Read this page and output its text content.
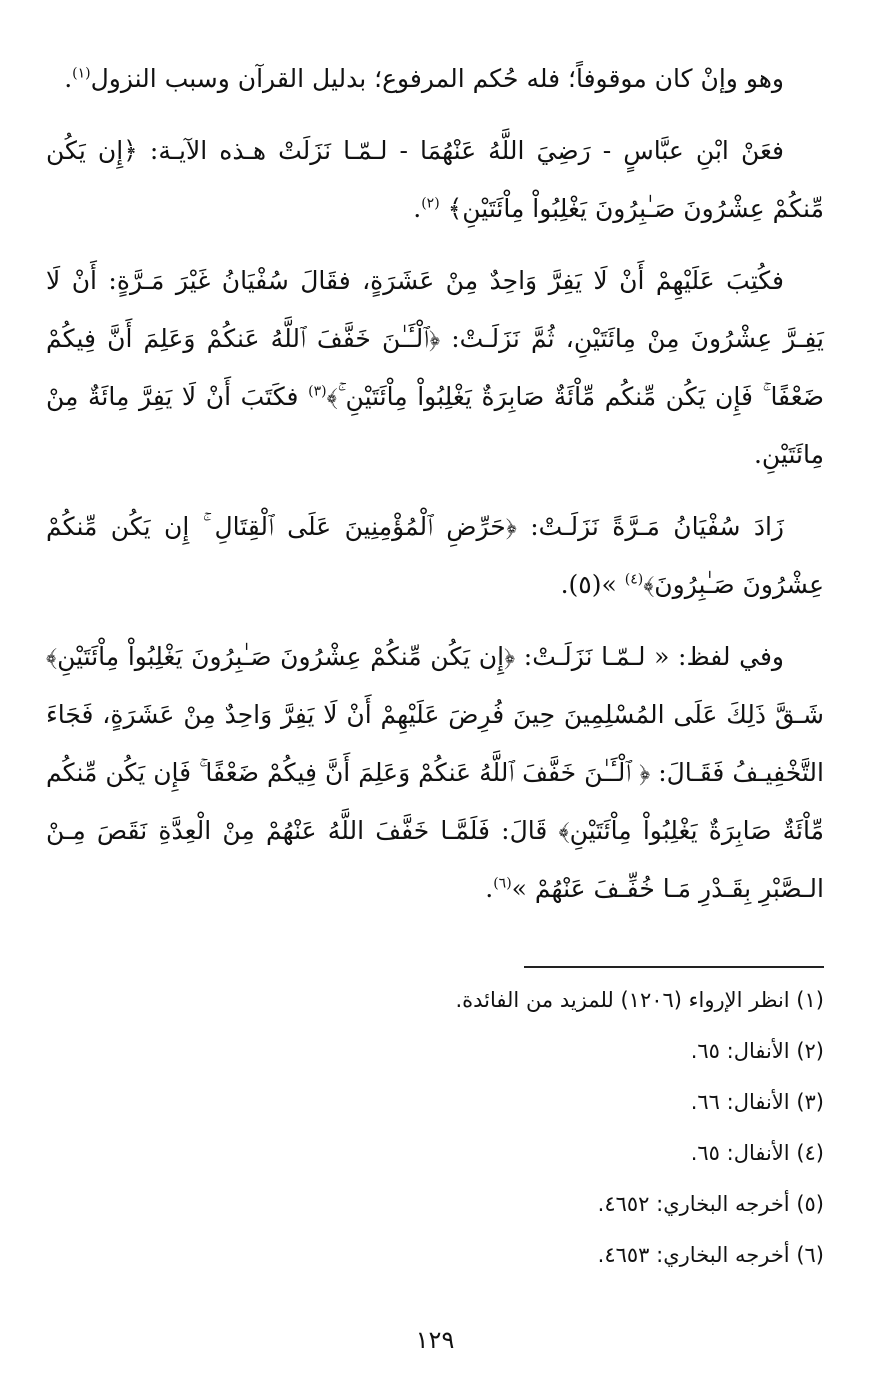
وهو وإنْ كان موقوفاً؛ فله حُكم المرفوع؛ بدليل القرآن وسبب النزول$^{(١)}$.

فعَنْ ابْنِ عبَّاسٍ - رَضِيَ اللَّهُ عَنْهُمَا - لـمّـا نَزَلَتْ هـذه الآيـة: ﴿إِن يَكُن مِّنكُمْ عِشْرُونَ صَـٰبِرُونَ يَغْلِبُواْ مِاْئَتَيْنِ﴾ $^{(٢)}$.

فكُتِبَ عَلَيْهِمْ أَنْ لَا يَفِرَّ وَاحِدٌ مِنْ عَشَرَةٍ، فقَالَ سُفْيَانُ غَيْرَ مَـرَّةٍ: أَنْ لَا يَفِـرَّ عِشْرُونَ مِنْ مِائَتَيْنِ، ثُمَّ نَزَلَـتْ: ﴿ٱلْـَٔـٰنَ خَفَّفَ ٱللَّهُ عَنكُمْ وَعَلِمَ أَنَّ فِيكُمْ ضَعْفًا ۚ فَإِن يَكُن مِّنكُم مِّاْئَةٌ صَابِرَةٌ يَغْلِبُواْ مِاْئَتَيْنِ ۚ﴾$^{(٣)}$ فكَتَبَ أَنْ لَا يَفِرَّ مِائَةٌ مِنْ مِائَتَيْنِ.

زَادَ سُفْيَانُ مَـرَّةً نَزَلَـتْ: ﴿حَرِّضِ ٱلْمُؤْمِنِينَ عَلَى ٱلْقِتَالِ ۚ إِن يَكُن مِّنكُمْ عِشْرُونَ صَـٰبِرُونَ﴾$^{(٤)}$ »(٥).

وفي لفظ: « لـمّـا نَزَلَـتْ: ﴿إِن يَكُن مِّنكُمْ عِشْرُونَ صَـٰبِرُونَ يَغْلِبُواْ مِاْئَتَيْنِ﴾ شَـقَّ ذَلِكَ عَلَى المُسْلِمِينَ حِينَ فُرِضَ عَلَيْهِمْ أَنْ لَا يَفِرَّ وَاحِدٌ مِنْ عَشَرَةٍ، فَجَاءَ التَّخْفِيـفُ فَقَـالَ: ﴿ ٱلْـَٔـٰنَ خَفَّفَ ٱللَّهُ عَنكُمْ وَعَلِمَ أَنَّ فِيكُمْ ضَعْفًا ۚ فَإِن يَكُن مِّنكُم مِّاْئَةٌ صَابِرَةٌ يَغْلِبُواْ مِاْئَتَيْنِ﴾ قَالَ: فَلَمَّـا خَفَّفَ اللَّهُ عَنْهُمْ مِنْ الْعِدَّةِ نَقَصَ مِـنْ الـصَّبْرِ بِقَـدْرِ مَـا خُفِّـفَ عَنْهُمْ »$^{(٦)}$.

(١) انظر الإرواء (١٢٠٦) للمزيد من الفائدة.
(٢) الأنفال: ٦٥.
(٣) الأنفال: ٦٦.
(٤) الأنفال: ٦٥.
(٥) أخرجه البخاري: ٤٦٥٢.
(٦) أخرجه البخاري: ٤٦٥٣.
١٢٩
